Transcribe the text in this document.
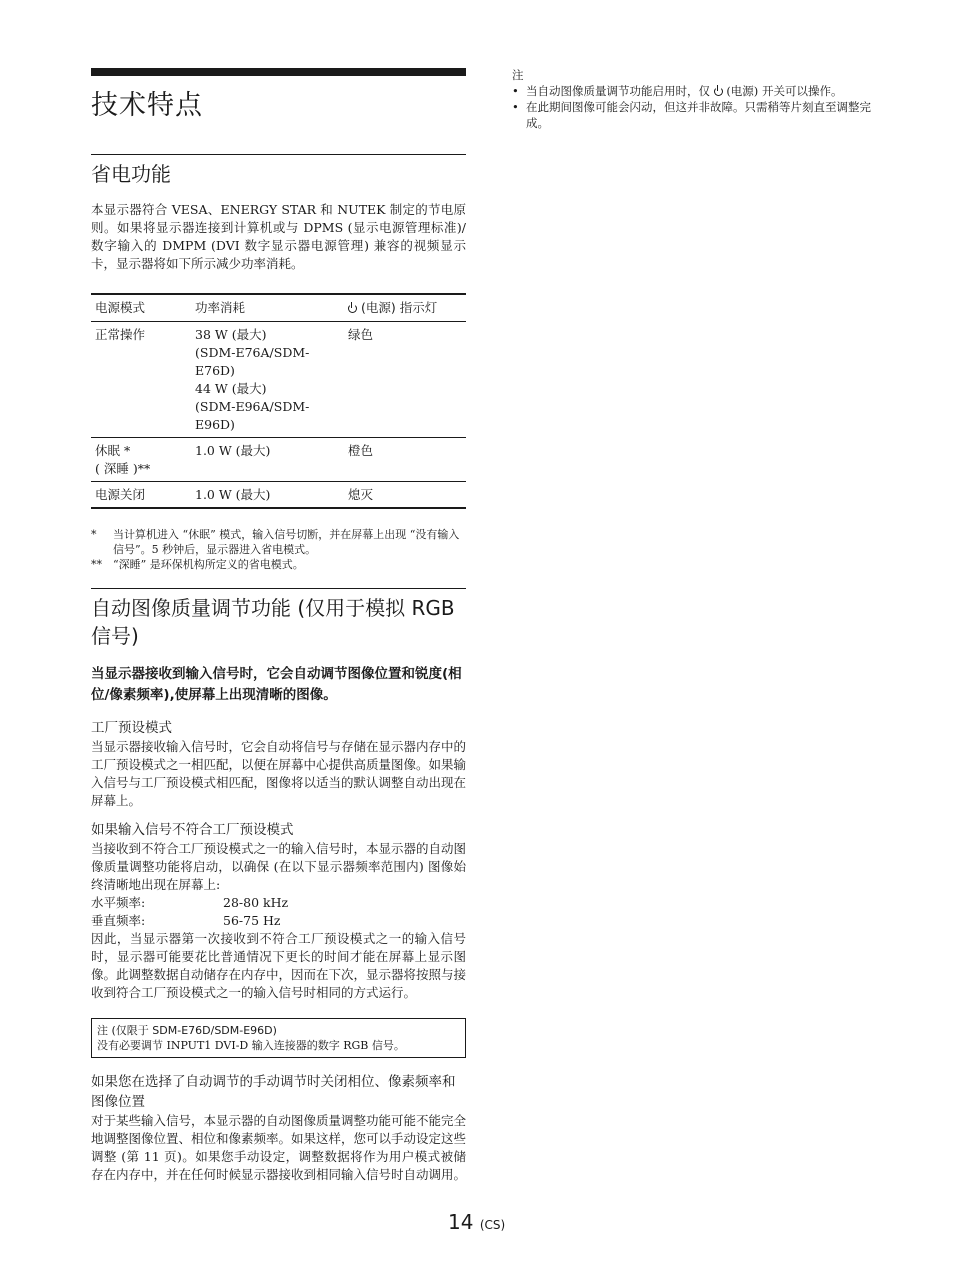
技术特点
省电功能

本显示器符合 VESA、ENERGY STAR 和 NUTEK 制定的节电原则。如果将显示器连接到计算机或与 DPMS (显示电源管理标准)/ 数字输入的 DMPM (DVI 数字显示器电源管理) 兼容的视频显示卡，显示器将如下所示减少功率消耗。

电源模式	功率消耗	(电源) 指示灯

正常操作	38 W (最大)
(SDM-E76A/SDM-E76D)
44 W (最大)
(SDM-E96A/SDM-E96D)	绿色

休眠 *
( 深睡 )**	1.0 W (最大)	橙色

电源关闭	1.0 W (最大)	熄灭
*	当计算机进入 “休眠” 模式，输入信号切断，并在屏幕上出现 “没有输入信号”。5 秒钟后，显示器进入省电模式。
**	“深睡” 是环保机构所定义的省电模式。
自动图像质量调节功能 (仅用于模拟 RGB 信号)

当显示器接收到输入信号时，它会自动调节图像位置和锐度(相位/像素频率),使屏幕上出现清晰的图像。

工厂预设模式

当显示器接收输入信号时，它会自动将信号与存储在显示器内存中的工厂预设模式之一相匹配，以便在屏幕中心提供高质量图像。如果输入信号与工厂预设模式相匹配，图像将以适当的默认调整自动出现在屏幕上。

如果输入信号不符合工厂预设模式

当接收到不符合工厂预设模式之一的输入信号时，本显示器的自动图像质量调整功能将启动，以确保 (在以下显示器频率范围内) 图像始终清晰地出现在屏幕上:

水平频率:	28-80 kHz
垂直频率:	56-75 Hz

因此，当显示器第一次接收到不符合工厂预设模式之一的输入信号时，显示器可能要花比普通情况下更长的时间才能在屏幕上显示图像。此调整数据自动储存在内存中，因而在下次，显示器将按照与接收到符合工厂预设模式之一的输入信号时相同的方式运行。

注 (仅限于 SDM-E76D/SDM-E96D)

没有必要调节 INPUT1 DVI-D 输入连接器的数字 RGB 信号。

如果您在选择了自动调节的手动调节时关闭相位、像素频率和图像位置

对于某些输入信号，本显示器的自动图像质量调整功能可能不能完全地调整图像位置、相位和像素频率。如果这样，您可以手动设定这些调整 (第 11 页)。如果您手动设定，调整数据将作为用户模式被储存在内存中，并在任何时候显示器接收到相同输入信号时自动调用。

注

• 当自动图像质量调节功能启用时，仅 (电源) 开关可以操作。
• 在此期间图像可能会闪动，但这并非故障。只需稍等片刻直至调整完成。
14 (CS)
